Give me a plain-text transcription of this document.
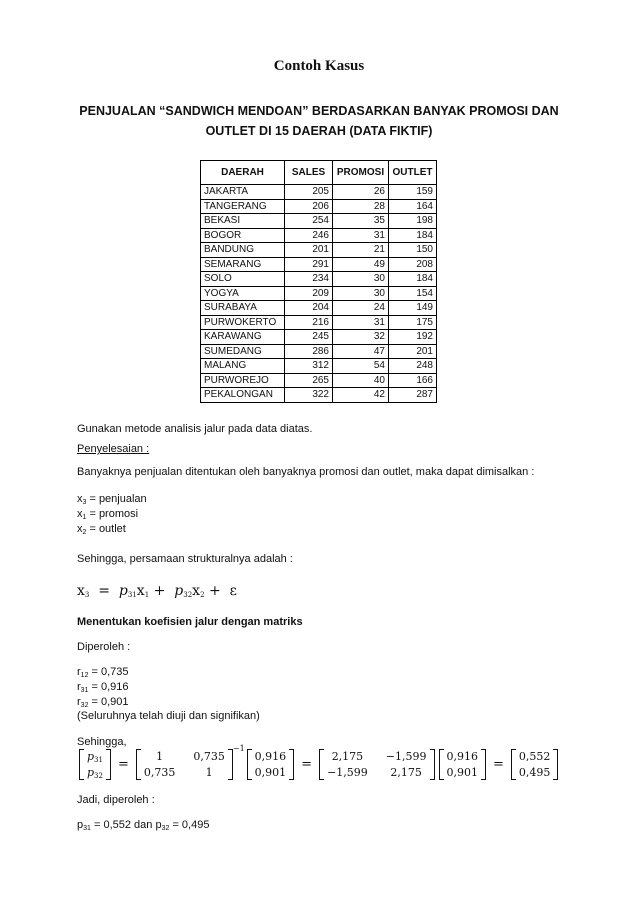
Contoh Kasus
PENJUALAN “SANDWICH MENDOAN” BERDASARKAN BANYAK PROMOSI DAN OUTLET DI 15 DAERAH (DATA FIKTIF)
DAERAH	SALES	PROMOSI	OUTLET
JAKARTA	205	26	159
TANGERANG	206	28	164
BEKASI	254	35	198
BOGOR	246	31	184
BANDUNG	201	21	150
SEMARANG	291	49	208
SOLO	234	30	184
YOGYA	209	30	154
SURABAYA	204	24	149
PURWOKERTO	216	31	175
KARAWANG	245	32	192
SUMEDANG	286	47	201
MALANG	312	54	248
PURWOREJO	265	40	166
PEKALONGAN	322	42	287
Gunakan metode analisis jalur pada data diatas.
Penyelesaian :
Banyaknya penjualan ditentukan oleh banyaknya promosi dan outlet, maka dapat dimisalkan :
$x_3$ = penjualan
$x_1$ = promosi
$x_2$ = outlet
Sehingga, persamaan strukturalnya adalah :
$x_3 = p_{31}x_1 + p_{32}x_2 + \varepsilon$
Menentukan koefisien jalur dengan matriks
Diperoleh :
$r_{12} = 0,735$
$r_{31} = 0,916$
$r_{32} = 0,901$
(Seluruhnya telah diuji dan signifikan)
Sehingga,
$p_{31}$
$p_{32}$
=
1	0,735
0,735	1
−1
0,916
0,901
=
2,175	−1,599
−1,599	2,175
0,916
0,901
=
0,552
0,495
Jadi, diperoleh :
$p_{31} = 0,552$ dan $p_{32} = 0,495$
